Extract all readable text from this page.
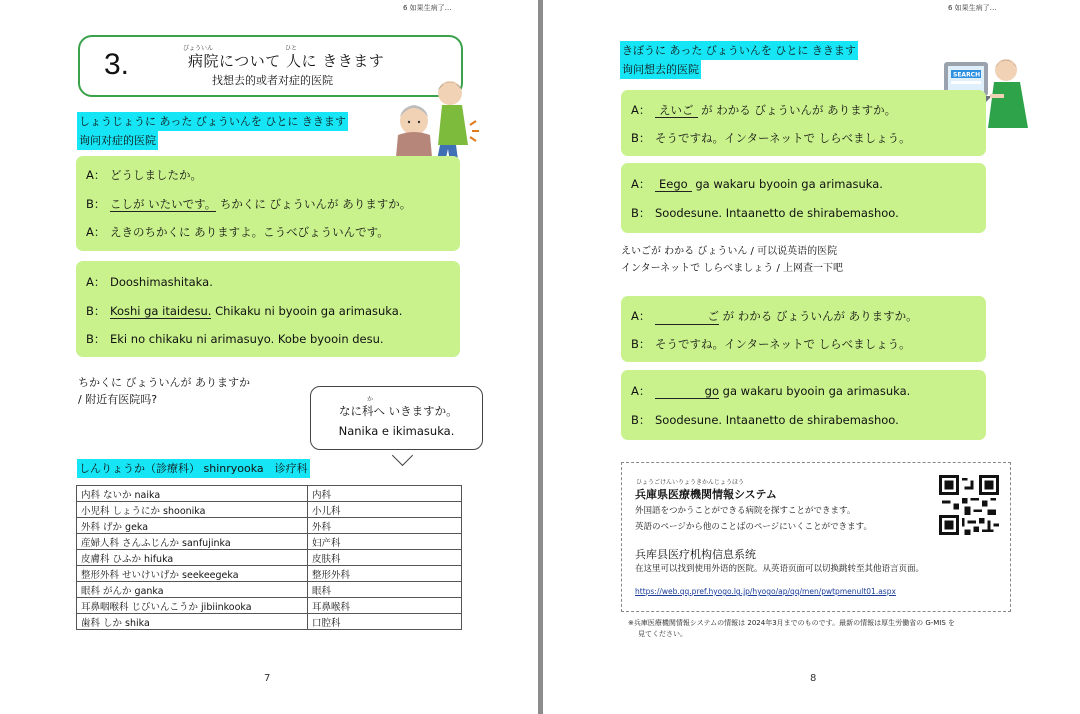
6 如果生病了…
3.	びょういん	ひと
病院について 人に ききます
找想去的或者对症的医院
しょうじょうに あった びょういんを ひとに ききます
询问对症的医院
A： どうしましたか。
B： こしが いたいです。 ちかくに びょういんが ありますか。
A： えきのちかくに ありますよ。こうべびょういんです。
A： Dooshimashitaka.
B： Koshi ga itaidesu. Chikaku ni byooin ga arimasuka.
B： Eki no chikaku ni arimasuyo. Kobe byooin desu.
ちかくに びょういんが ありますか
/ 附近有医院吗?	か
なに科へ いきますか。
Nanika e ikimasuka.
しんりょうか（診療科） shinryooka　诊疗科
内科 ないか naika	内科
小児科 しょうにか shoonika	小儿科
外科 げか geka	外科
産婦人科 さんふじんか sanfujinka	妇产科
皮膚科 ひふか hifuka	皮肤科
整形外科 せいけいげか seekeegeka	整形外科
眼科 がんか ganka	眼科
耳鼻咽喉科 じびいんこうか jibiinkooka	耳鼻喉科
歯科 しか shika	口腔科
7
6 如果生病了…
きぼうに あった びょういんを ひとに ききます
询问想去的医院	SEARCH
A： えいご が わかる びょういんが ありますか。
B： そうですね。インターネットで しらべましょう。
A： Eego ga wakaru byooin ga arimasuka.
B： Soodesune. Intaanetto de shirabemashoo.
えいごが わかる びょういん / 可以说英语的医院
インターネットで しらべましょう / 上网查一下吧
A：	ご が わかる びょういんが ありますか。
B： そうですね。インターネットで しらべましょう。
A：	go ga wakaru byooin ga arimasuka.
B： Soodesune. Intaanetto de shirabemashoo.
8
ひょうごけんいりょうきかんじょうほう
兵庫県医療機関情報システム
外国語をつかうことができる病院を探すことができます。
英語のページから他のことばのページにいくことができます。
兵库县医疗机构信息系统
在这里可以找到使用外语的医院。从英语页面可以切换跳转至其他语言页面。
https://web.qq.pref.hyogo.lg.jp/hyogo/ap/qq/men/pwtpmenult01.aspx
※兵庫医療機関情報システムの情報は 2024年3月までのものです。最新の情報は厚生労働省の G-MIS を
見てください。
